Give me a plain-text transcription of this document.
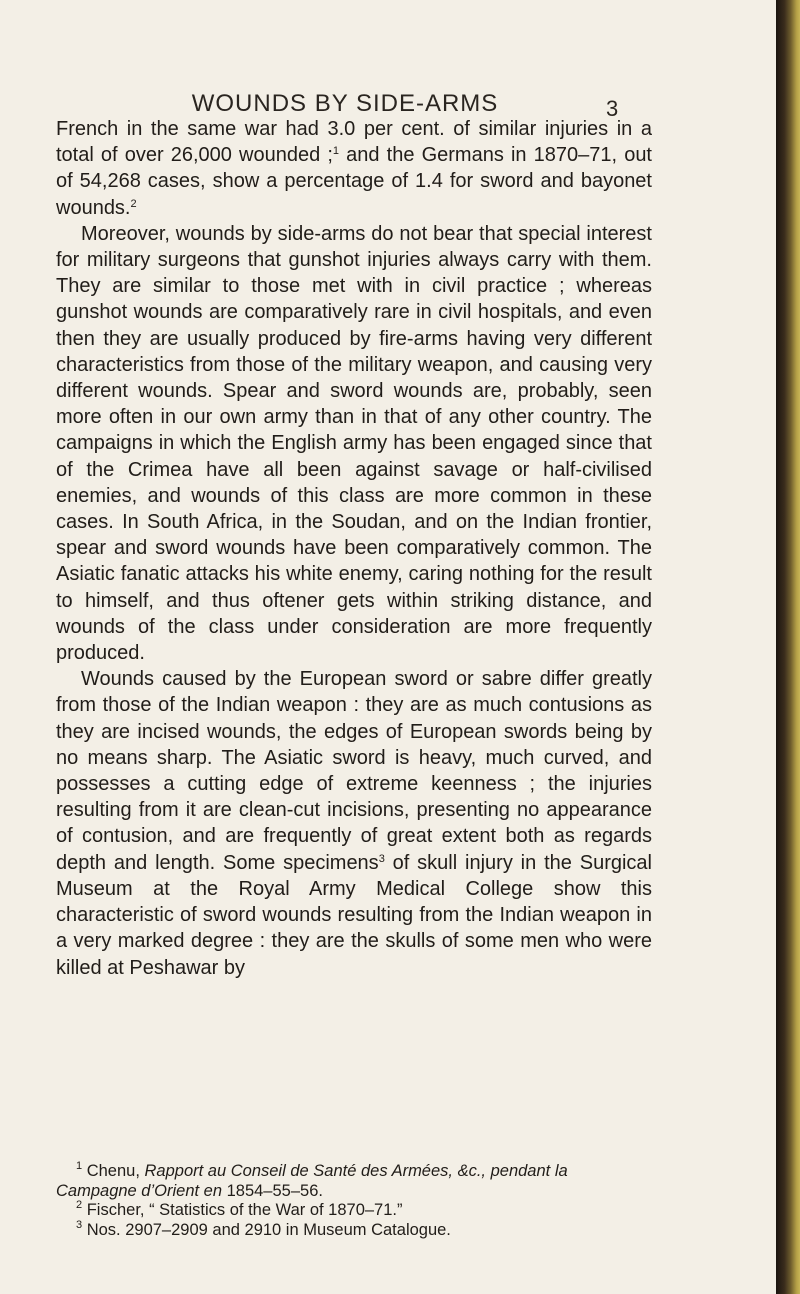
WOUNDS BY SIDE-ARMS	3

French in the same war had 3.0 per cent. of similar injuries in a total of over 26,000 wounded ;$^1$ and the Germans in 1870–71, out of 54,268 cases, show a percentage of 1.4 for sword and bayonet wounds.$^2$

Moreover, wounds by side-arms do not bear that special interest for military surgeons that gunshot injuries always carry with them. They are similar to those met with in civil practice ; whereas gunshot wounds are comparatively rare in civil hospitals, and even then they are usually produced by fire-arms having very different characteristics from those of the military weapon, and causing very different wounds. Spear and sword wounds are, probably, seen more often in our own army than in that of any other country. The campaigns in which the English army has been engaged since that of the Crimea have all been against savage or half-civilised enemies, and wounds of this class are more common in these cases. In South Africa, in the Soudan, and on the Indian frontier, spear and sword wounds have been comparatively common. The Asiatic fanatic attacks his white enemy, caring nothing for the result to himself, and thus oftener gets within striking distance, and wounds of the class under consideration are more frequently produced.

Wounds caused by the European sword or sabre differ greatly from those of the Indian weapon : they are as much contusions as they are incised wounds, the edges of European swords being by no means sharp. The Asiatic sword is heavy, much curved, and possesses a cutting edge of extreme keenness ; the injuries resulting from it are clean-cut incisions, presenting no appearance of contusion, and are frequently of great extent both as regards depth and length. Some specimens$^3$ of skull injury in the Surgical Museum at the Royal Army Medical College show this characteristic of sword wounds resulting from the Indian weapon in a very marked degree : they are the skulls of some men who were killed at Peshawar by

$^1$ Chenu, Rapport au Conseil de Santé des Armées, &c., pendant la Campagne d’Orient en 1854–55–56.

$^2$ Fischer, “ Statistics of the War of 1870–71.”

$^3$ Nos. 2907–2909 and 2910 in Museum Catalogue.
